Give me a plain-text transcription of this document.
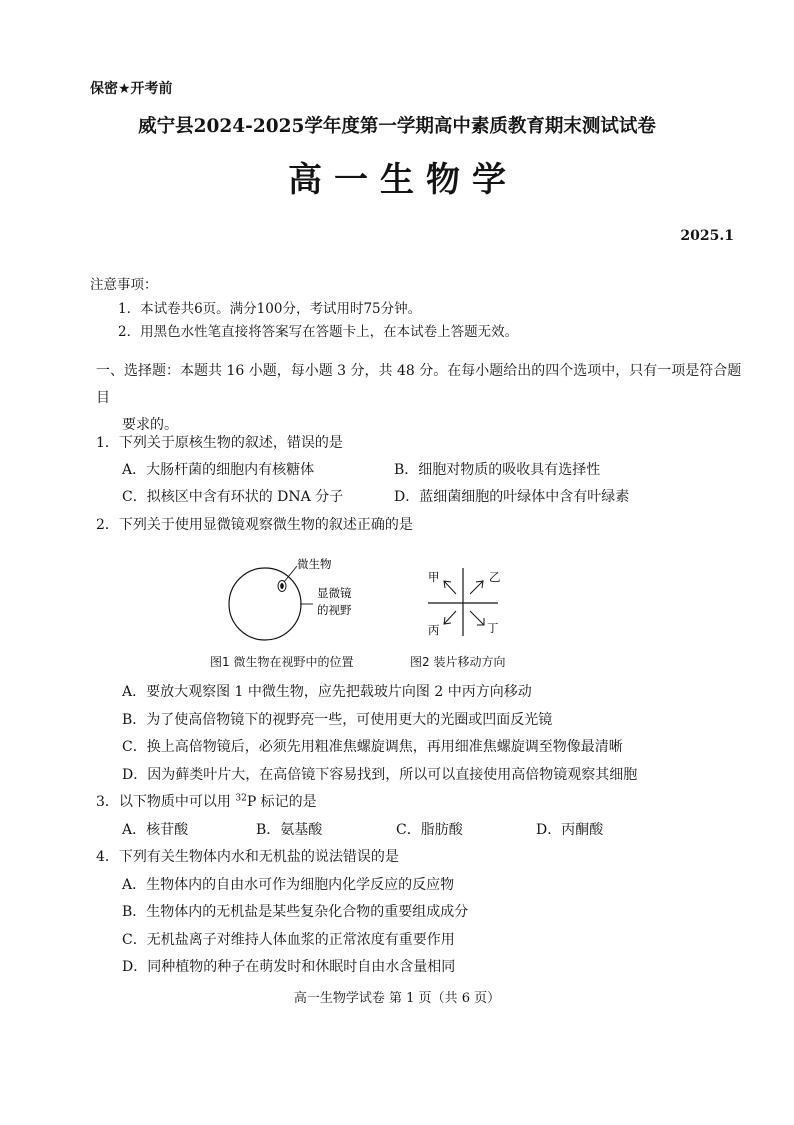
保密★开考前
威宁县2024-2025学年度第一学期高中素质教育期末测试试卷
高一生物学
2025.1
注意事项：
1．本试卷共6页。满分100分，考试用时75分钟。
2．用黑色水性笔直接将答案写在答题卡上，在本试卷上答题无效。
一、选择题：本题共 16 小题，每小题 3 分，共 48 分。在每小题给出的四个选项中，只有一项是符合题目
要求的。
1．下列关于原核生物的叙述，错误的是
A．大肠杆菌的细胞内有核糖体	B．细胞对物质的吸收具有选择性
C．拟核区中含有环状的 DNA 分子	D．蓝细菌细胞的叶绿体中含有叶绿素
2．下列关于使用显微镜观察微生物的叙述正确的是
微生物
显微镜
的视野
甲	乙
丙	丁
图1 微生物在视野中的位置	图2 装片移动方向
A．要放大观察图 1 中微生物，应先把载玻片向图 2 中丙方向移动
B．为了使高倍物镜下的视野亮一些，可使用更大的光圈或凹面反光镜
C．换上高倍物镜后，必须先用粗准焦螺旋调焦，再用细准焦螺旋调至物像最清晰
D．因为藓类叶片大，在高倍镜下容易找到，所以可以直接使用高倍物镜观察其细胞
3．以下物质中可以用 $^{32}$P 标记的是
A．核苷酸	B．氨基酸	C．脂肪酸	D．丙酮酸
4．下列有关生物体内水和无机盐的说法错误的是
A．生物体内的自由水可作为细胞内化学反应的反应物
B．生物体内的无机盐是某些复杂化合物的重要组成成分
C．无机盐离子对维持人体血浆的正常浓度有重要作用
D．同种植物的种子在萌发时和休眠时自由水含量相同
高一生物学试卷 第 1 页（共 6 页）
